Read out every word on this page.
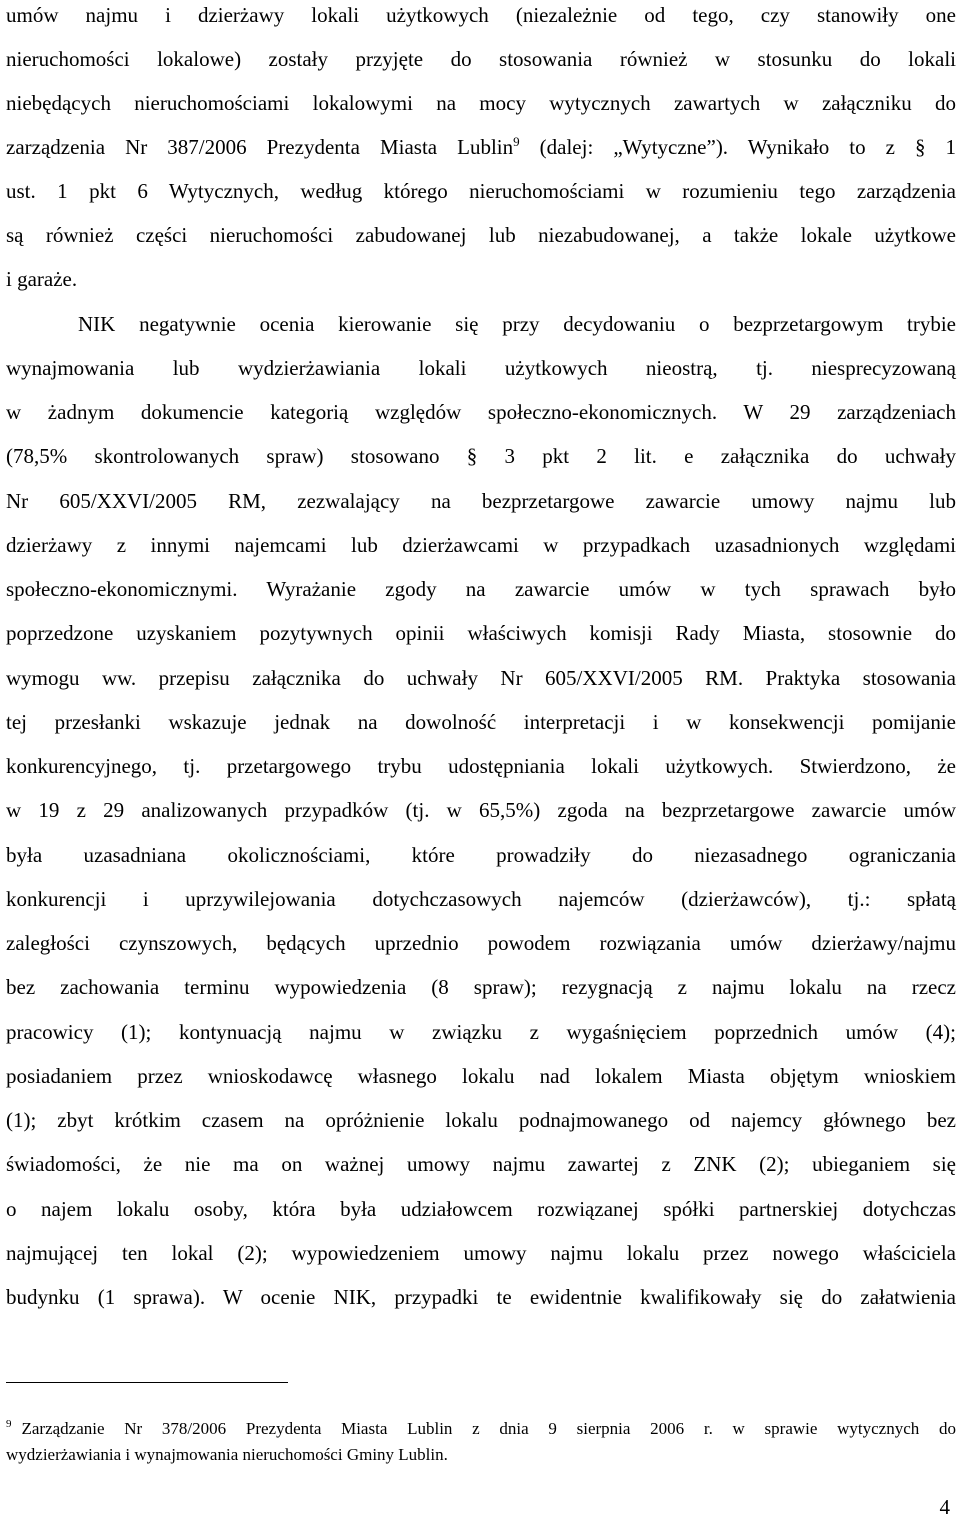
umów najmu i dzierżawy lokali użytkowych (niezależnie od tego, czy stanowiły one
nieruchomości lokalowe) zostały przyjęte do stosowania również w stosunku do lokali
niebędących nieruchomościami lokalowymi na mocy wytycznych zawartych w załączniku do
zarządzenia Nr 387/2006 Prezydenta Miasta Lublin$^9$ (dalej: „Wytyczne”). Wynikało to z § 1
ust. 1 pkt 6 Wytycznych, według którego nieruchomościami w rozumieniu tego zarządzenia
są również części nieruchomości zabudowanej lub niezabudowanej, a także lokale użytkowe
i garaże.
NIK negatywnie ocenia kierowanie się przy decydowaniu o bezprzetargowym trybie
wynajmowania lub wydzierżawiania lokali użytkowych nieostrą, tj. niesprecyzowaną
w żadnym dokumencie kategorią względów społeczno-ekonomicznych. W 29 zarządzeniach
(78,5% skontrolowanych spraw) stosowano § 3 pkt 2 lit. e załącznika do uchwały
Nr 605/XXVI/2005 RM, zezwalający na bezprzetargowe zawarcie umowy najmu lub
dzierżawy z innymi najemcami lub dzierżawcami w przypadkach uzasadnionych względami
społeczno-ekonomicznymi. Wyrażanie zgody na zawarcie umów w tych sprawach było
poprzedzone uzyskaniem pozytywnych opinii właściwych komisji Rady Miasta, stosownie do
wymogu ww. przepisu załącznika do uchwały Nr 605/XXVI/2005 RM. Praktyka stosowania
tej przesłanki wskazuje jednak na dowolność interpretacji i w konsekwencji pomijanie
konkurencyjnego, tj. przetargowego trybu udostępniania lokali użytkowych. Stwierdzono, że
w 19 z 29 analizowanych przypadków (tj. w 65,5%) zgoda na bezprzetargowe zawarcie umów
była uzasadniana okolicznościami, które prowadziły do niezasadnego ograniczania
konkurencji i uprzywilejowania dotychczasowych najemców (dzierżawców), tj.: spłatą
zaległości czynszowych, będących uprzednio powodem rozwiązania umów dzierżawy/najmu
bez zachowania terminu wypowiedzenia (8 spraw); rezygnacją z najmu lokalu na rzecz
pracowicy (1); kontynuacją najmu w związku z wygaśnięciem poprzednich umów (4);
posiadaniem przez wnioskodawcę własnego lokalu nad lokalem Miasta objętym wnioskiem
(1); zbyt krótkim czasem na opróżnienie lokalu podnajmowanego od najemcy głównego bez
świadomości, że nie ma on ważnej umowy najmu zawartej z ZNK (2); ubieganiem się
o najem lokalu osoby, która była udziałowcem rozwiązanej spółki partnerskiej dotychczas
najmującej ten lokal (2); wypowiedzeniem umowy najmu lokalu przez nowego właściciela
budynku (1 sprawa). W ocenie NIK, przypadki te ewidentnie kwalifikowały się do załatwienia
$^9$ Zarządzanie Nr 378/2006 Prezydenta Miasta Lublin z dnia 9 sierpnia 2006 r. w sprawie wytycznych do
wydzierżawiania i wynajmowania nieruchomości Gminy Lublin.
4
